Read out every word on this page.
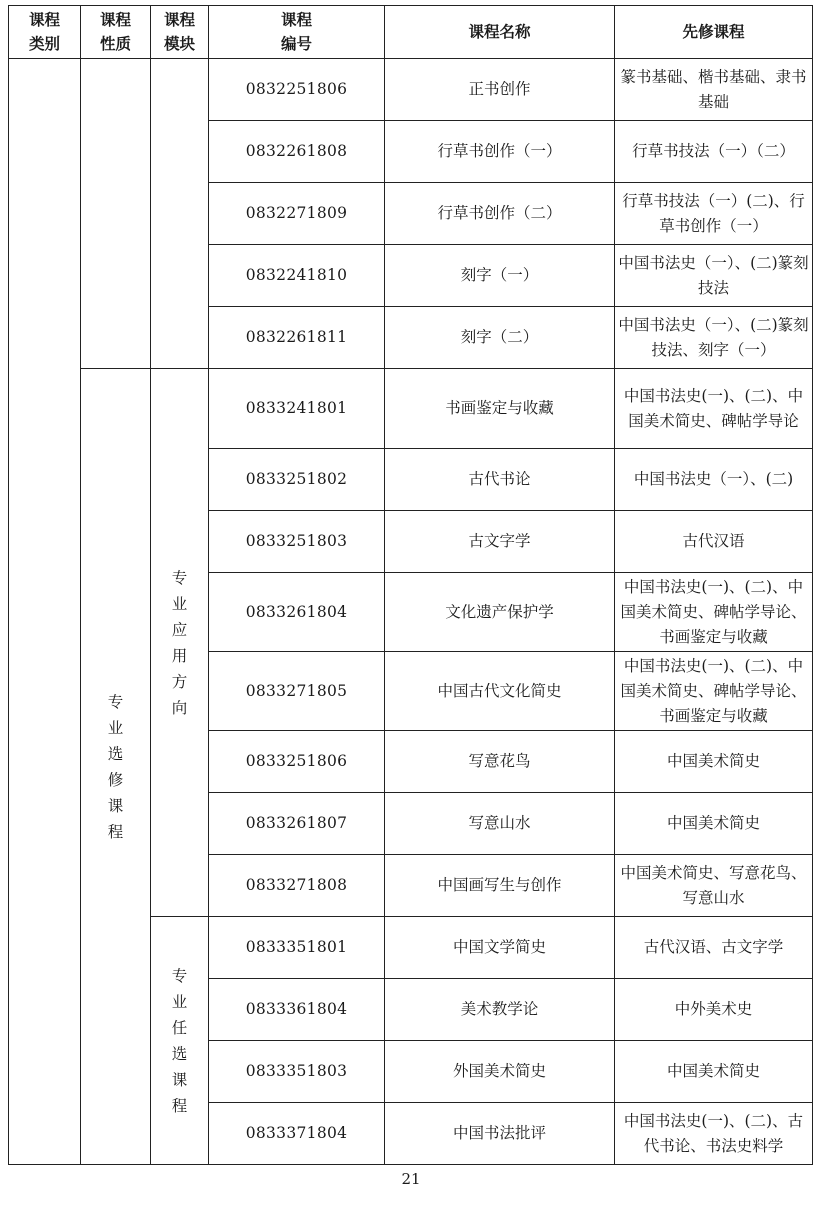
课程类别	课程性质	课程模块	课程编号	课程名称	先修课程
			0832251806	正书创作	篆书基础、楷书基础、隶书基础
			0832261808	行草书创作（一）	行草书技法（一）（二）
			0832271809	行草书创作（二）	行草书技法（一）(二)、行草书创作（一）
			0832241810	刻字（一）	中国书法史（一）、(二)篆刻技法
			0832261811	刻字（二）	中国书法史（一）、(二)篆刻技法、刻字（一）
	专业选修课程	专业应用方向	0833241801	书画鉴定与收藏	中国书法史(一)、(二)、中国美术简史、碑帖学导论
			0833251802	古代书论	中国书法史（一）、(二)
			0833251803	古文字学	古代汉语
			0833261804	文化遗产保护学	中国书法史(一)、(二)、中国美术简史、碑帖学导论、书画鉴定与收藏
			0833271805	中国古代文化简史	中国书法史(一)、(二)、中国美术简史、碑帖学导论、书画鉴定与收藏
			0833251806	写意花鸟	中国美术简史
			0833261807	写意山水	中国美术简史
			0833271808	中国画写生与创作	中国美术简史、写意花鸟、写意山水
		专业任选课程	0833351801	中国文学简史	古代汉语、古文字学
			0833361804	美术教学论	中外美术史
			0833351803	外国美术简史	中国美术简史
			0833371804	中国书法批评	中国书法史(一)、(二)、古代书论、书法史料学
21
